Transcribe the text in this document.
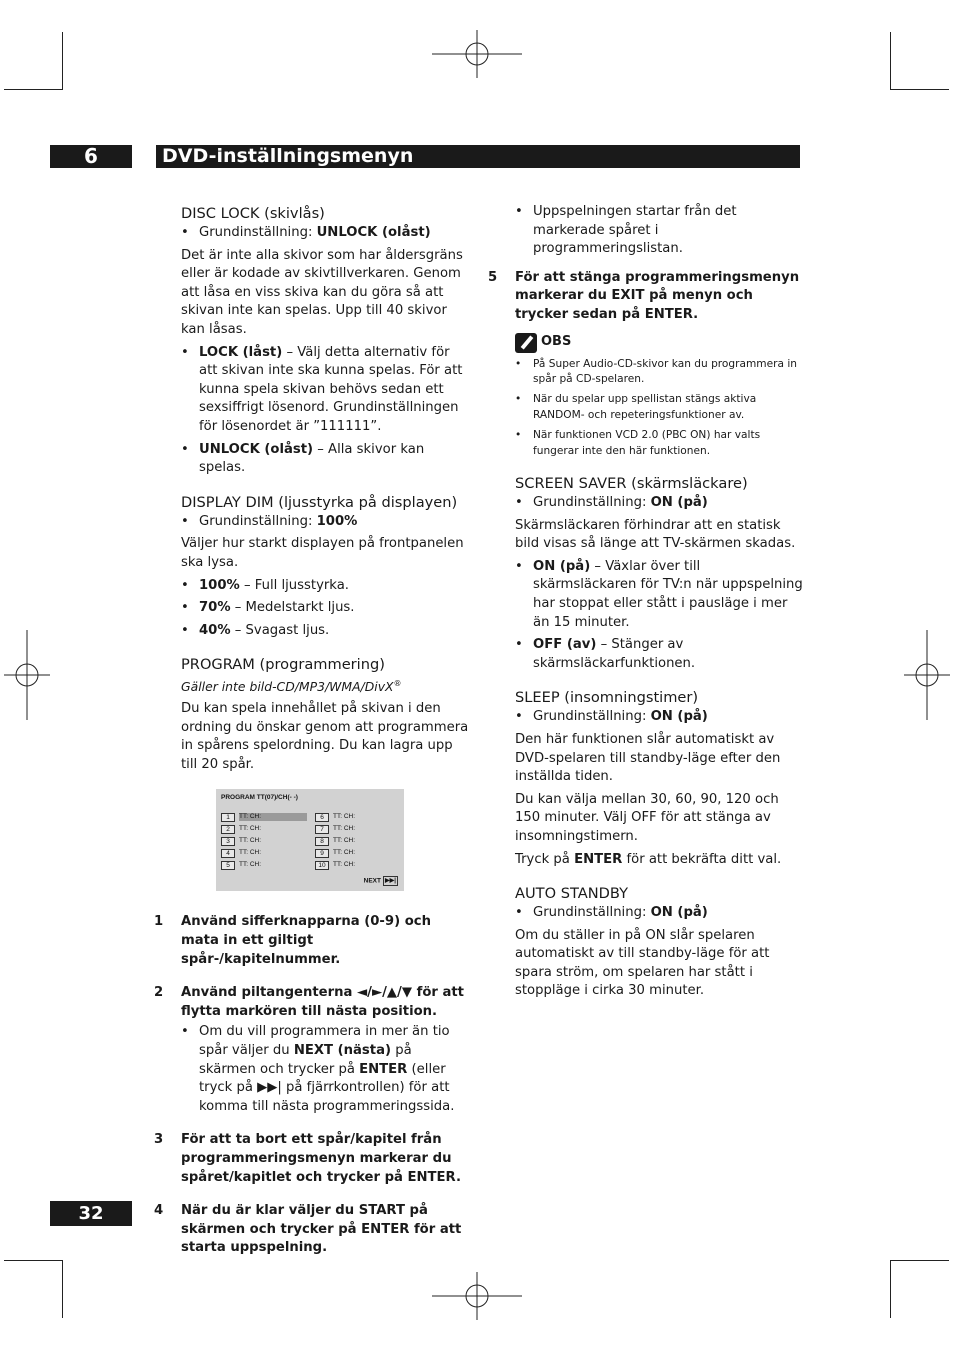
6	DVD-inställningsmenyn
DISC LOCK (skivlås)
• Grundinställning: UNLOCK (olåst)

Det är inte alla skivor som har åldersgräns eller är kodade av skivtillverkaren. Genom att låsa en viss skiva kan du göra så att skivan inte kan spelas. Upp till 40 skivor kan låsas.

• LOCK (låst) – Välj detta alternativ för att skivan inte ska kunna spelas. För att kunna spela skivan behövs sedan ett sexsiffrigt lösenord. Grundinställningen för lösenordet är ”111111”.
• UNLOCK (olåst) – Alla skivor kan spelas.
DISPLAY DIM (ljusstyrka på displayen)
• Grundinställning: 100%

Väljer hur starkt displayen på frontpanelen ska lysa.

• 100% – Full ljusstyrka.
• 70% – Medelstarkt ljus.
• 40% – Svagast ljus.
PROGRAM (programmering)
Gäller inte bild-CD/MP3/WMA/DivX®

Du kan spela innehållet på skivan i den ordning du önskar genom att programmera in spårens spelordning. Du kan lagra upp till 20 spår.

PROGRAM TT(07)/CH(- -)
1 TT: CH:
2 TT: CH:
3 TT: CH:
4 TT: CH:
5 TT: CH:
6 TT: CH:
7 TT: CH:
8 TT: CH:
9 TT: CH:
10 TT: CH:
NEXT ▶▶|
1 Använd sifferknapparna (0-9) och mata in ett giltigt spår-/kapitelnummer.
2 Använd piltangenterna ◄/►/▲/▼ för att flytta markören till nästa position.
• Om du vill programmera in mer än tio spår väljer du NEXT (nästa) på skärmen och trycker på ENTER (eller tryck på ▶▶| på fjärrkontrollen) för att komma till nästa programmeringssida.
3 För att ta bort ett spår/kapitel från programmeringsmenyn markerar du spåret/kapitlet och trycker på ENTER.
4 När du är klar väljer du START på skärmen och trycker på ENTER för att starta uppspelning.
• Uppspelningen startar från det markerade spåret i programmeringslistan.
5 För att stänga programmeringsmenyn markerar du EXIT på menyn och trycker sedan på ENTER.
OBS
• På Super Audio-CD-skivor kan du programmera in spår på CD-spelaren.
• När du spelar upp spellistan stängs aktiva RANDOM- och repeteringsfunktioner av.
• När funktionen VCD 2.0 (PBC ON) har valts fungerar inte den här funktionen.
SCREEN SAVER (skärmsläckare)
• Grundinställning: ON (på)

Skärmsläckaren förhindrar att en statisk bild visas så länge att TV-skärmen skadas.

• ON (på) – Växlar över till skärmsläckaren för TV:n när uppspelning har stoppat eller stått i pausläge i mer än 15 minuter.
• OFF (av) – Stänger av skärmsläckarfunktionen.
SLEEP (insomningstimer)
• Grundinställning: ON (på)

Den här funktionen slår automatiskt av DVD-spelaren till standby-läge efter den inställda tiden.

Du kan välja mellan 30, 60, 90, 120 och 150 minuter. Välj OFF för att stänga av insomningstimern.

Tryck på ENTER för att bekräfta ditt val.

AUTO STANDBY
• Grundinställning: ON (på)

Om du ställer in på ON slår spelaren automatiskt av till standby-läge för att spara ström, om spelaren har stått i stoppläge i cirka 30 minuter.

32
